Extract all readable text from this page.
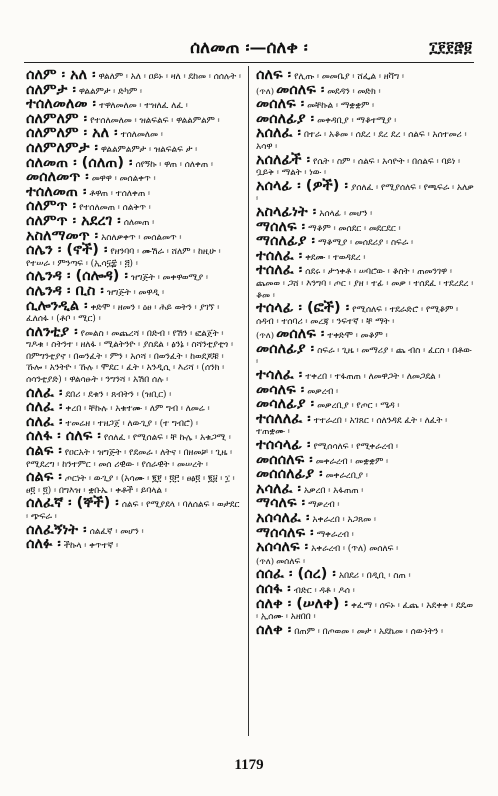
ሰለመጠ ፡—ሰለቀ ፡	፲፻፻፸፱
ሰለም ፡ አለ ፡ ዋልለም ፡ አለ ፡ ዐይኑ ፡ ዛለ ፡ ደከመ ፡ ሰሰሉት ፡
ሰለምታ ፡ ዋልልምታ ፡ ድካም ፡
ተሰለመለመ ፡ ተዋለመለመ ፡ ተዝለፈ ለፈ ፡
ሰለምለም ፡ የተሰለመለመ ፡ ዝልፍልፍ ፡ ዋልልምልም ፡
ሰለምለም ፡ አለ ፡ ተሰለመለመ ፡
ሰለምለምታ ፡ ዋልልምልምታ ፡ ዝልፍልፍ ታ ፡
ሰለመጠ ፡ (ሰለጠ) ፡ ሰየኝኩ ፡ ዋጠ ፡ ሰለቀጠ ፡
መሰለመጥ ፡ መዋዋ ፡ መሰልቀጥ ፡
ተሰለመጠ ፡ ቶዋጠ ፡ ተሰለቀጠ ፡
ሰለምጥ ፡ የተሰለመጠ ፡ ሰልቅጥ ፡
ሰለምጥ ፡ አደረገ ፡ ሰለመጠ ፡
አስለማመጥ ፡ አስለቃቀጥ ፡ መሰልመጥ ፡
ሰሌን ፡ (ኖች) ፡ የዘንባባ ፡ ሙሽራ ፡ ሸለም ፡ ከዚሁ ፡ የተሠራ ፡ ምንጣፍ ፡ (ኢሳ፶፰ ፡ ፭) ፡
ሰሌንዳ ፡ (ሰሎዳ) ፡ ዝግጅት ፡ መቀዋወሚያ ፡
ሰሌንዳ ፡ ቢስ ፡ ዝግጅት ፡ መዋዲ ፡
ሲሎንዲል ፡ ቀድሞ ፡ ዘመን ፡ ዕፀ ፡ ሕይ ወትን ፡ ያገኘ ፡ ፈለሰፋ ፡ (ቶቦ ፡ ሚር) ፡
ሰለንቲያ ፡ የመልስ ፡ መጨረሻ ፡ በድብ ፡ የሽን ፡ ፎልጀት ፡ ግዶቁ ፡ ስትንተ ፡ ዘለፋ ፡ ሚልትንዮ ፡ ያስደል ፡ ፅንኔ ፡ ስሻንቲያቲጎ ፡ በምግንቲያኖ ፡ በወንፈት ፡ ምን ፡ አሶሻ ፡ በወንፈት ፡ ከወደጆቹ ፡ ኹሎ ፡ አንትዮ ፡ ኹሉ ፡ ሞደር ፡ ፈት ፡ አንዲሲ ፡ እሪሻ ፡ (ሰንክ ፡ ሰሳንቲያድ) ፡ ዋልሳፁት ፡ ንግንሻ ፡ አሽበ ሰሉ ፡
ሰለፈ ፡ ደበሪ ፡ ደቁን ፡ ጸብትን ፡ (ዝቢር) ፡
ሰለፈ ፡ ቀረበ ፡ ቸኩሉ ፡ አቁተሙ ፡ ለም ግብ ፡ ለመሬ ፡
ሰለፈ ፡ ተመሬዘ ፡ ተዘጋጀ ፡ ለውጊያ ፡ (ተ ግብሮ) ፡
ሰለፋ ፡ ሰለፍ ፡ የሰለፈ ፡ የሚሰልፍ ፡ ቸ ኩሌ ፡ አቁጋሚ ፡
ሰልፍ ፡ የዐርአት ፡ ዝግጅት ፡ የደመራ ፡ ለትና ፡ በዘመቻ ፡ ጊዜ ፡ የሚደረግ ፡ ከንተምር ፡ መሰ ሪዊው ፡ የሰራዊት ፡ መሠረት ፡
ሰልፍ ፡ ጦርነት ፡ ውጊያ ፡ (አሳሙ ፡ ፪፻ ፡ ፬፫ ፡ ፀፅ፬ ፡ ፪፱ ፡ ፲ ፡ ፀ፬ ፡ ፬) ፡ በግእዝ ፡ ቋቡኤ ፡ ቀቶች ፡ ይባላል ፡
ሰለፈኛ ፡ (ኞች) ፡ ሰልፍ ፡ የሚያደላ ፡ ባለሰልፍ ፡ ወታደር ፡ ጭፍራ ፡
ሰለፈኝነት ፡ ሰልፈኛ ፡ መሆን ፡
ሰለፉ ፡ ችኩላ ፡ ቀጥተኛ ፡
ሰለፍ ፡ የሊጡ ፡ መመቤያ ፡ ሸፌል ፡ ዘቫግ ፡
(ጥለ) መሰለፍ ፡ መደዳን ፡ መድክ ፡
መሰለፍ ፡ መቸኩል ፡ ማቋቋም ፡
መሰለፊያ ፡ መቀዳቢያ ፡ ማቆተሚያ ፡
አሰለፈ ፡ በተራ ፡ አቆመ ፡ ሰደረ ፡ ደረ ደረ ፡ ሰልፍ ፡ አሰተመሪ ፡ አሳዋ ፡
አሰለፊች ፡ የሴት ፡ ስም ፡ ሰልፍ ፡ አሳዮት ፡ በሰልፍ ፡ ባይነ ፡ ቧይቅ ፡ ማልት ፡ ነው ፡
አሰላፊ ፡ (ዎች) ፡ ያሰለፈ ፡ የሚያሰለፍ ፡ የጫፍራ ፡ አለቃ ፡
አስላፊነት ፡ አሰላፊ ፡ መሆን ፡
ማሰለፍ ፡ ማቆም ፡ መሰደር ፡ መደርደር ፡
ማሰለፊያ ፡ ማቆሚያ ፡ መሰደሪያ ፡ ስፍራ ፡
ተሰለፈ ፡ ቀደሙ ፡ ተወዳደረ ፡
ተሰለፈ ፡ ሰደሩ ፡ ታኅቀቶ ፡ ሠባሮው ፡ ቆስት ፡ ጠመንገዋ ፡ ጨመወ ፡ ጋሸ ፡ እንግባ ፡ ጦር ፡ ያዘ ፡ ተፊ ፡ መቃ ፡ ተሰደፈ ፡ ተደረደረ ፡ ቆመ ፡
ተሰላፊ ፡ (ፎች) ፡ የሚሰለፍ ፡ ተደራድሮ ፡ የሚቆም ፡ ሰዳብ ፡ ተሰባሪ ፡ መረጃ ፡ ንፍተኛ ፡ ቸ ማት ፡
(ጥለ) መሰለፍ ፡ ተቀድሞ ፡ መቆም ፡
መሰለፊያ ፡ ስፍራ ፡ ጊዜ ፡ መማሪያ ፡ ጨ ብስ ፡ ፈርስ ፡ በቶው ፡
ተሳለፈ ፡ ተቀረበ ፡ ተፋጠጠ ፡ ለመዋጋት ፡ ለመጋደል ፡
መሳለፍ ፡ መቃረብ ፡
መሳለፊያ ፡ መቃረቢያ ፡ የጦር ፡ ሜዳ ፡
ተሰለለፈ ፡ ተተራረበ ፡ አገጸር ፡ ሰለንዳደ ፈት ፡ ለፈት ፡ ተጠቋሙ ፡
ተሰሳላፊ ፡ የሚሰሳለፍ ፡ የሚቀራረብ ፡
መሰሰለፍ ፡ መቀራረብ ፡ መቋቋም ፡
መሰሰለፊያ ፡ መቀራረቢያ ፡
አሳለፈ ፡ አቃረበ ፡ አፋጠጠ ፡
ማሳለፍ ፡ ማቃረብ ፡
አሰሳለፈ ፡ አቀራረበ ፡ አጋጸመ ፡
ማሰሳለፍ ፡ ማቀራረብ ፡
አሰሳለፍ ፡ አቀራረብ ፡ (ጥለ) መሰለፍ ፡
(ጥለ) መሰለፍ ፡
ሰሰፈ ፡ (ሰረ) ፡ አበደሪ ፡ በዲቢ ፡ ስጠ ፡
ሰሰፋ ፡ ብድር ፡ ዳቶ ፡ ዶሰ ፡
ሰለቀ ፡ (ሠለቀ) ፡ ቀፈማ ፡ ሰፍኑ ፡ ፈጨ ፡ አደቀቀ ፡ ደዴወ ፡ ኢሰሙ ፡ አዘበበ ፡
ሰለቀ ፡ በጠም ፡ በጦወመ ፡ መታ ፡ አደኬመ ፡ ሰውነትን ፡
1179
